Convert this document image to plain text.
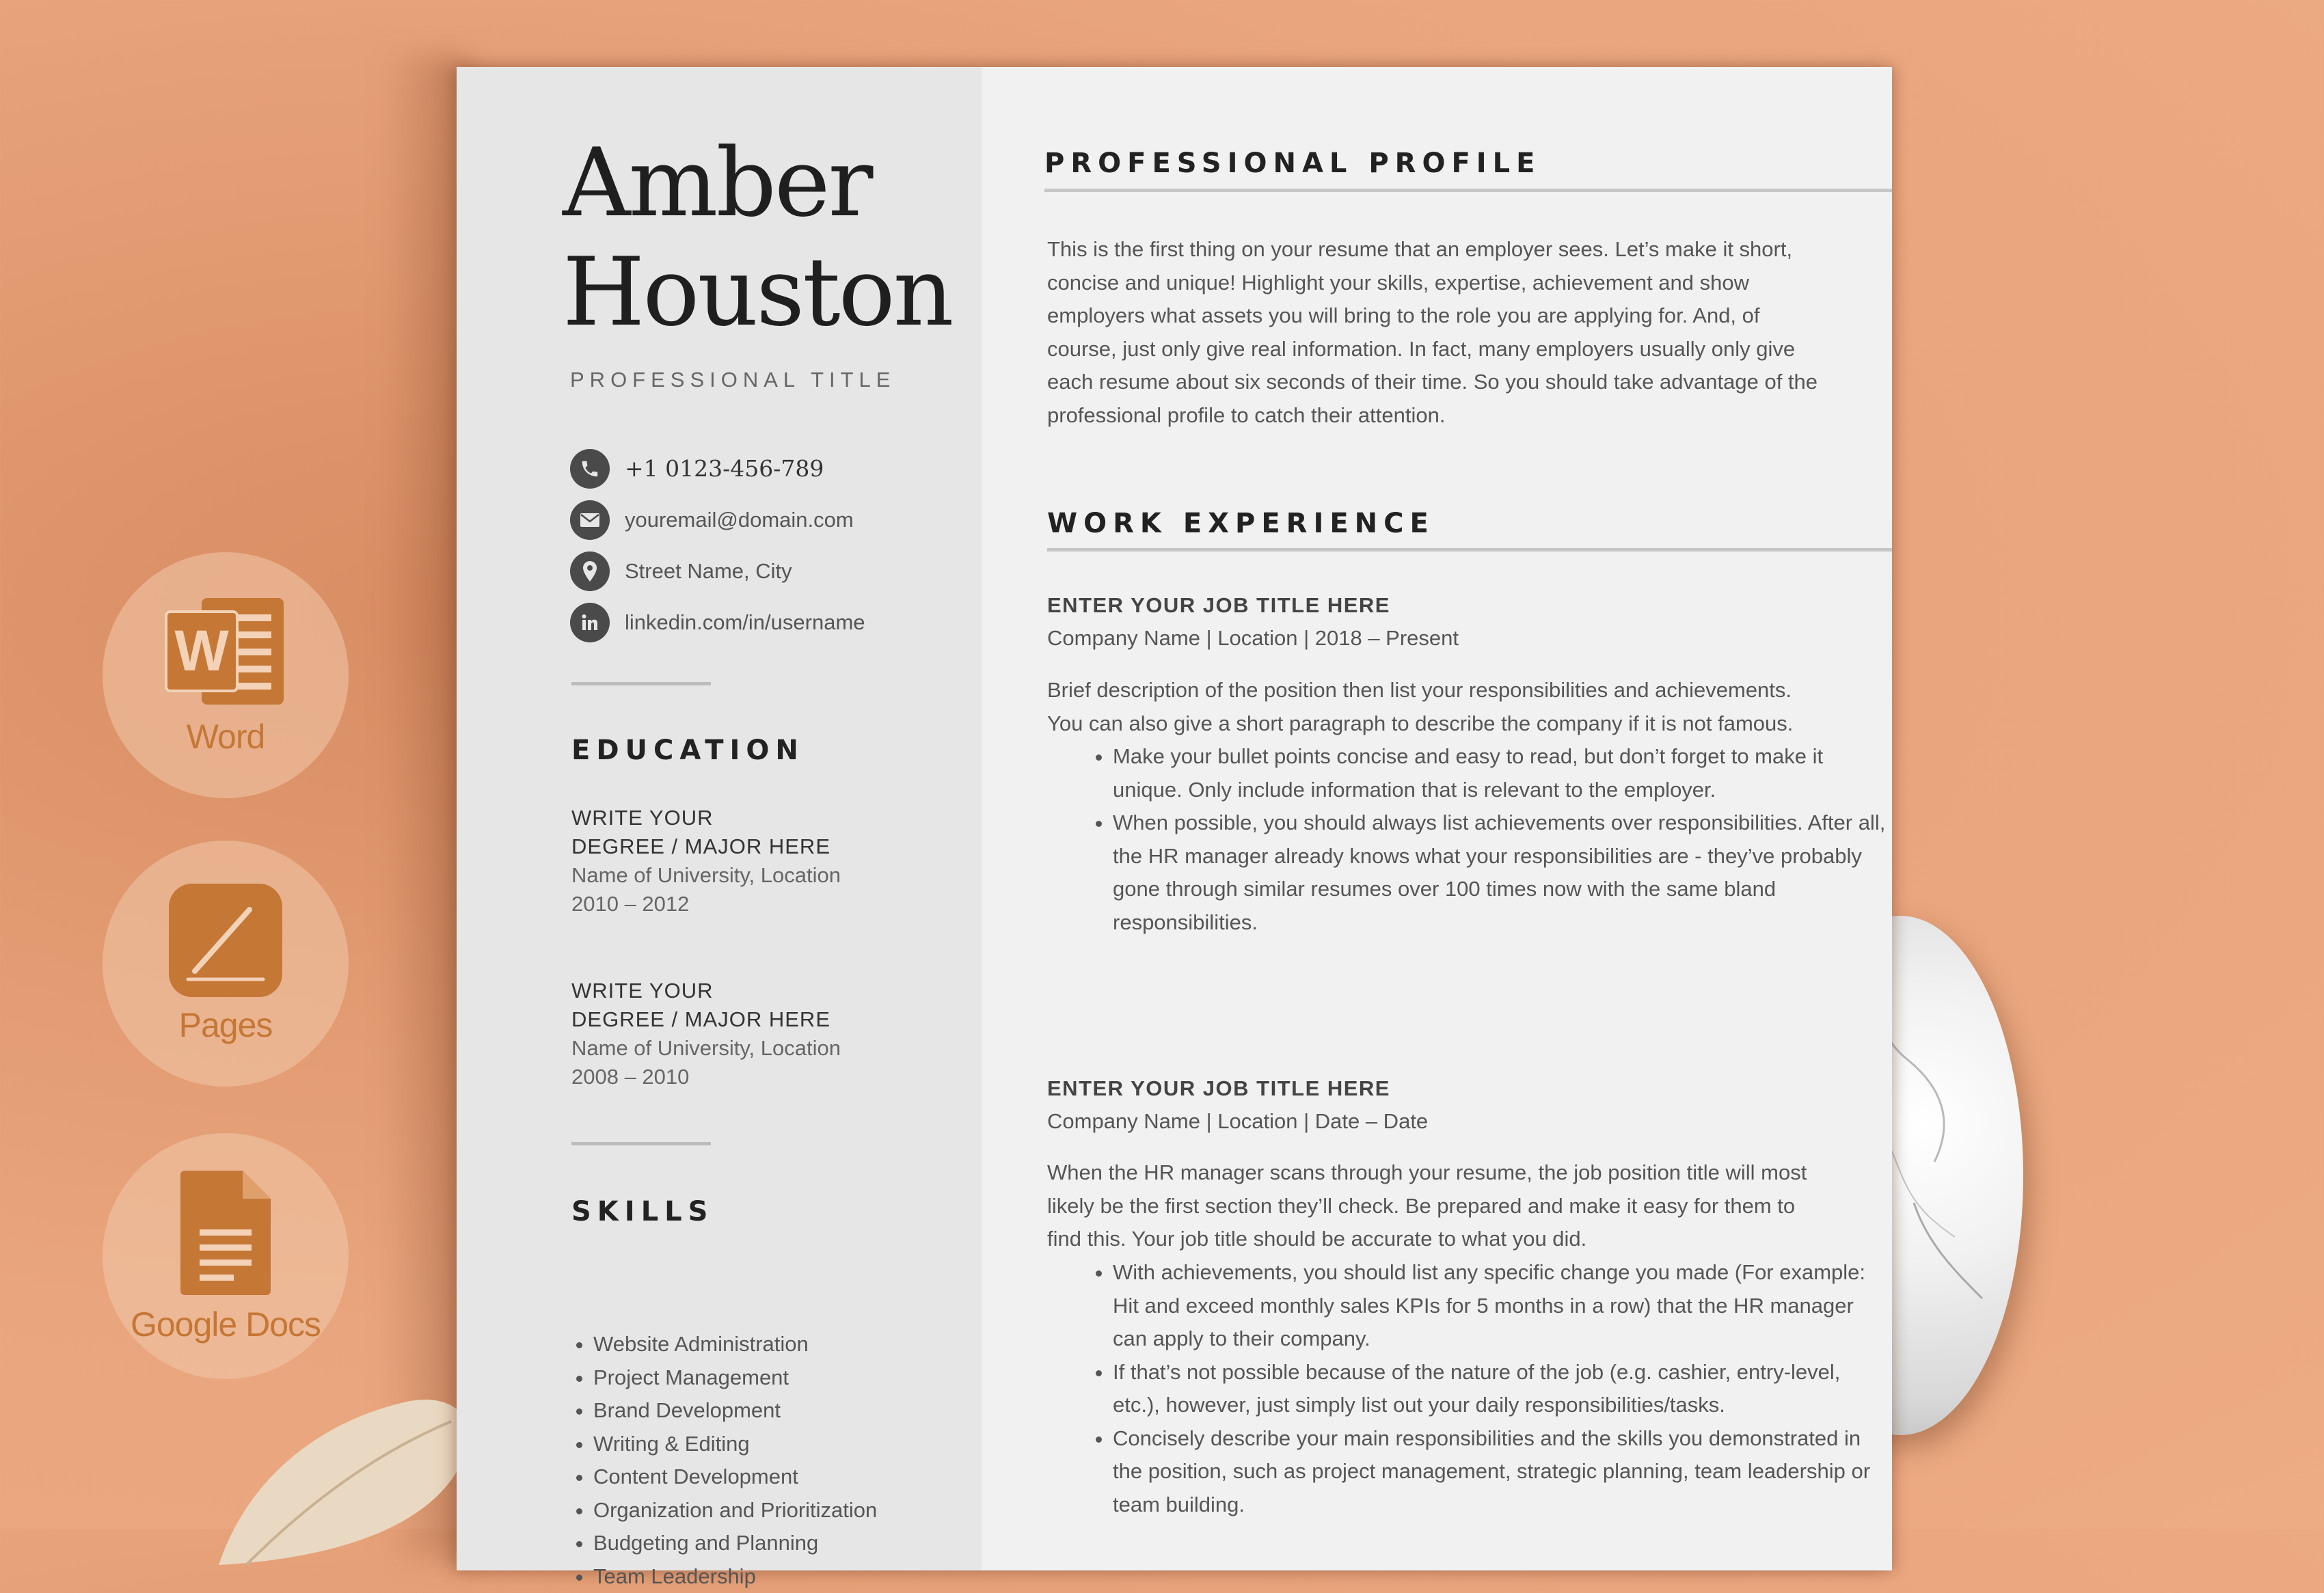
W
Word
Pages
Google Docs
Amber
Houston
PROFESSIONAL TITLE
+1 0123-456-789
youremail@domain.com
Street Name, City
linkedin.com/in/username
EDUCATION
WRITE YOUR
DEGREE / MAJOR HERE
Name of University, Location
2010 – 2012
WRITE YOUR
DEGREE / MAJOR HERE
Name of University, Location
2008 – 2010
SKILLS
• Website Administration
• Project Management
• Brand Development
• Writing & Editing
• Content Development
• Organization and Prioritization
• Budgeting and Planning
• Team Leadership
PROFESSIONAL PROFILE
This is the first thing on your resume that an employer sees. Let’s make it short, concise and unique! Highlight your skills, expertise, achievement and show employers what assets you will bring to the role you are applying for. And, of course, just only give real information. In fact, many employers usually only give each resume about six seconds of their time. So you should take advantage of the professional profile to catch their attention.
WORK EXPERIENCE
ENTER YOUR JOB TITLE HERE
Company Name | Location | 2018 – Present
Brief description of the position then list your responsibilities and achievements. You can also give a short paragraph to describe the company if it is not famous.
• Make your bullet points concise and easy to read, but don’t forget to make it unique. Only include information that is relevant to the employer.
• When possible, you should always list achievements over responsibilities. After all, the HR manager already knows what your responsibilities are - they’ve probably gone through similar resumes over 100 times now with the same bland responsibilities.
ENTER YOUR JOB TITLE HERE
Company Name | Location | Date – Date
When the HR manager scans through your resume, the job position title will most likely be the first section they’ll check. Be prepared and make it easy for them to find this. Your job title should be accurate to what you did.
• With achievements, you should list any specific change you made (For example: Hit and exceed monthly sales KPIs for 5 months in a row) that the HR manager can apply to their company.
• If that’s not possible because of the nature of the job (e.g. cashier, entry-level, etc.), however, just simply list out your daily responsibilities/tasks.
• Concisely describe your main responsibilities and the skills you demonstrated in the position, such as project management, strategic planning, team leadership or team building.
